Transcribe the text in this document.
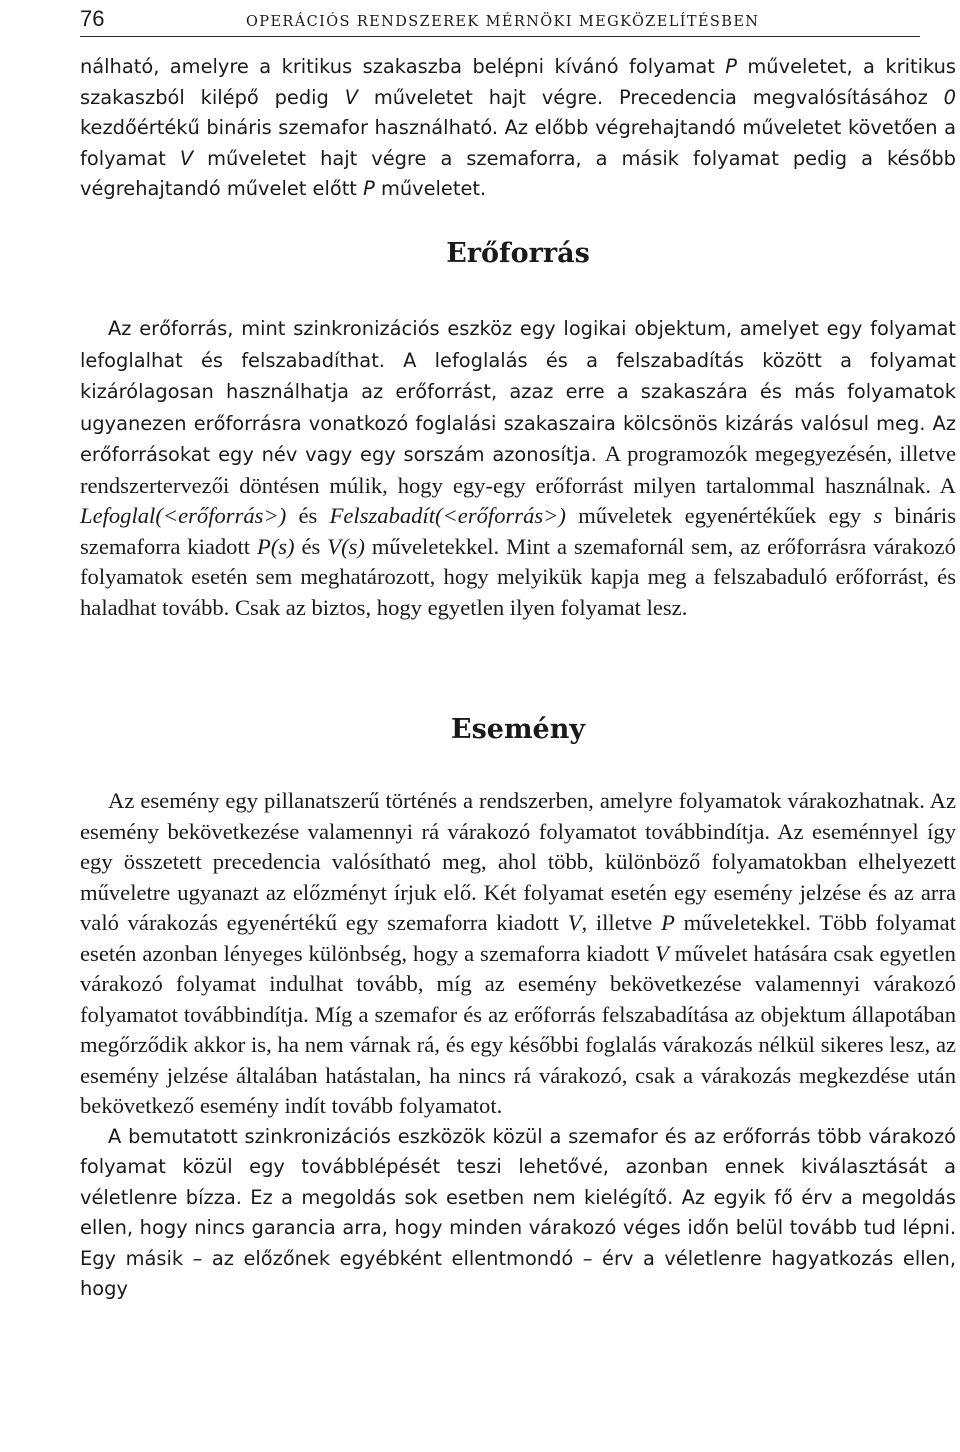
76	OPERÁCIÓS RENDSZEREK MÉRNÖKI MEGKÖZELÍTÉSBEN

nálható, amelyre a kritikus szakaszba belépni kívánó folyamat P műveletet, a kritikus szakaszból kilépő pedig V műveletet hajt végre. Precedencia megvalósításához 0 kezdőértékű bináris szemafor használható. Az előbb végrehajtandó műveletet követően a folyamat V műveletet hajt végre a szemaforra, a másik folyamat pedig a később végrehajtandó művelet előtt P műveletet.

Erőforrás

Az erőforrás, mint szinkronizációs eszköz egy logikai objektum, amelyet egy folyamat lefoglalhat és felszabadíthat. A lefoglalás és a felszabadítás között a folyamat kizárólagosan használhatja az erőforrást, azaz erre a szakaszára és más folyamatok ugyanezen erőforrásra vonatkozó foglalási szakaszaira kölcsönös kizárás valósul meg. Az erőforrásokat egy név vagy egy sorszám azonosítja. A programozók megegyezésén, illetve rendszertervezői döntésen múlik, hogy egy-egy erőforrást milyen tartalommal használnak. A Lefoglal(<erőforrás>) és Felszabadít(<erőforrás>) műveletek egyenértékűek egy s bináris szemaforra kiadott P(s) és V(s) műveletekkel. Mint a szemafornál sem, az erőforrásra várakozó folyamatok esetén sem meghatározott, hogy melyikük kapja meg a felszabaduló erőforrást, és haladhat tovább. Csak az biztos, hogy egyetlen ilyen folyamat lesz.

Esemény

Az esemény egy pillanatszerű történés a rendszerben, amelyre folyamatok várakozhatnak. Az esemény bekövetkezése valamennyi rá várakozó folyamatot továbbindítja. Az eseménnyel így egy összetett precedencia valósítható meg, ahol több, különböző folyamatokban elhelyezett műveletre ugyanazt az előzményt írjuk elő. Két folyamat esetén egy esemény jelzése és az arra való várakozás egyenértékű egy szemaforra kiadott V, illetve P műveletekkel. Több folyamat esetén azonban lényeges különbség, hogy a szemaforra kiadott V művelet hatására csak egyetlen várakozó folyamat indulhat tovább, míg az esemény bekövetkezése valamennyi várakozó folyamatot továbbindítja. Míg a szemafor és az erőforrás felszabadítása az objektum állapotában megőrződik akkor is, ha nem várnak rá, és egy későbbi foglalás várakozás nélkül sikeres lesz, az esemény jelzése általában hatástalan, ha nincs rá várakozó, csak a várakozás megkezdése után bekövetkező esemény indít tovább folyamatot.

A bemutatott szinkronizációs eszközök közül a szemafor és az erőforrás több várakozó folyamat közül egy továbblépését teszi lehetővé, azonban ennek kiválasztását a véletlenre bízza. Ez a megoldás sok esetben nem kielégítő. Az egyik fő érv a megoldás ellen, hogy nincs garancia arra, hogy minden várakozó véges időn belül tovább tud lépni. Egy másik – az előzőnek egyébként ellentmondó – érv a véletlenre hagyatkozás ellen, hogy
